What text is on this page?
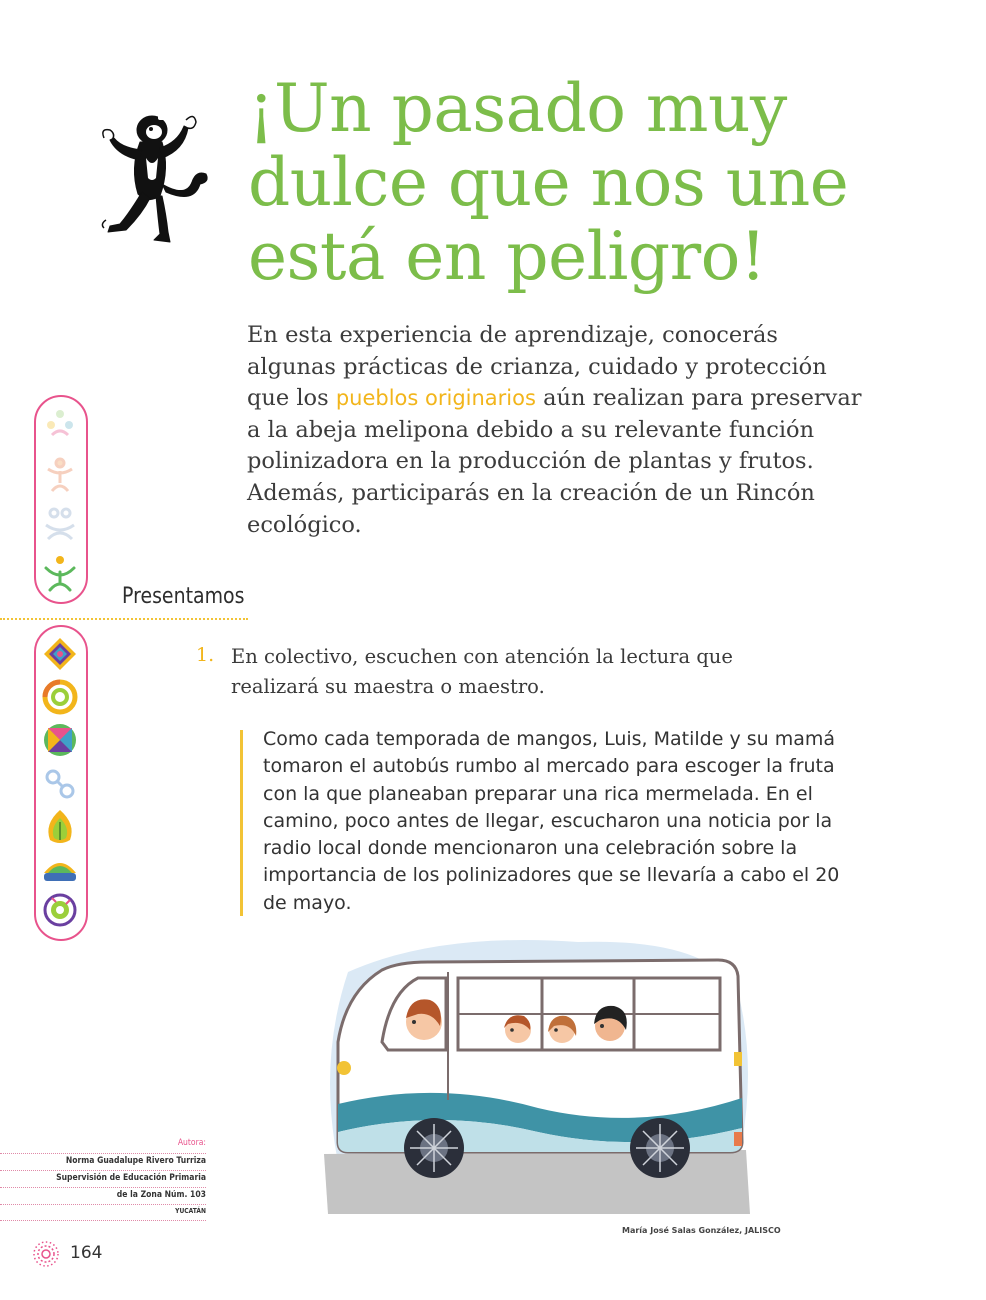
¡Un pasado muy
dulce que nos une
está en peligro!
En esta experiencia de aprendizaje, conocerás algunas prácticas de crianza, cuidado y protección que los pueblos originarios aún realizan para preservar a la abeja melipona debido a su relevante función polinizadora en la producción de plantas y frutos. Además, participarás en la creación de un Rincón ecológico.
Presentamos
1. En colectivo, escuchen con atención la lectura que realizará su maestra o maestro.
Como cada temporada de mangos, Luis, Matilde y su mamá tomaron el autobús rumbo al mercado para escoger la fruta con la que planeaban preparar una rica mermelada. En el camino, poco antes de llegar, escucharon una noticia por la radio local donde mencionaron una celebración sobre la importancia de los polinizadores que se llevaría a cabo el 20 de mayo.
Autora:
Norma Guadalupe Rivero Turriza
Supervisión de Educación Primaria
de la Zona Núm. 103
YUCATÁN
María José Salas González, JALISCO
164
